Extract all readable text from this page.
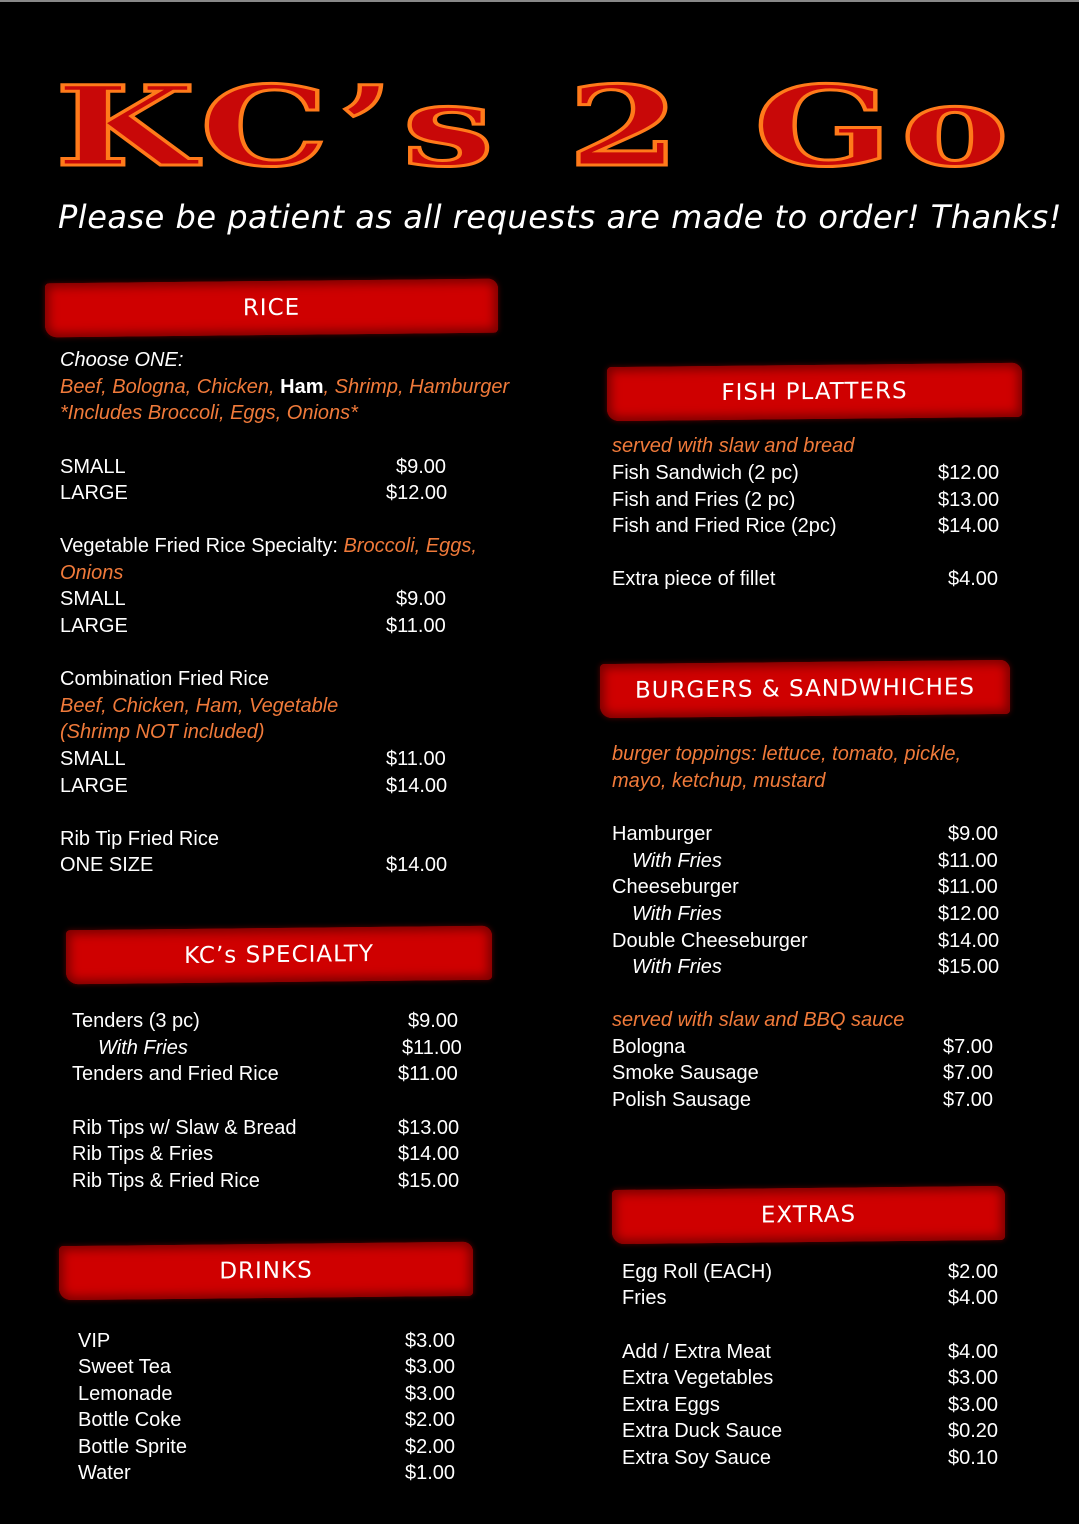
KC’s 2 Go
Please be patient as all requests are made to order! Thanks!
RICE
Choose ONE:
Beef, Bologna, Chicken, Ham, Shrimp, Hamburger
*Includes Broccoli, Eggs, Onions*
SMALL	$9.00
LARGE	$12.00
Vegetable Fried Rice Specialty: Broccoli, Eggs,
Onions
SMALL	$9.00
LARGE	$11.00
Combination Fried Rice
Beef, Chicken, Ham, Vegetable
(Shrimp NOT included)
SMALL	$11.00
LARGE	$14.00
Rib Tip Fried Rice
ONE SIZE	$14.00
KC’s SPECIALTY
Tenders (3 pc)	$9.00
With Fries	$11.00
Tenders and Fried Rice	$11.00
Rib Tips w/ Slaw & Bread	$13.00
Rib Tips & Fries	$14.00
Rib Tips & Fried Rice	$15.00
DRINKS
VIP	$3.00
Sweet Tea	$3.00
Lemonade	$3.00
Bottle Coke	$2.00
Bottle Sprite	$2.00
Water	$1.00
FISH PLATTERS
served with slaw and bread
Fish Sandwich (2 pc)	$12.00
Fish and Fries (2 pc)	$13.00
Fish and Fried Rice (2pc)	$14.00
Extra piece of fillet	$4.00
BURGERS & SANDWHICHES
burger toppings: lettuce, tomato, pickle,
mayo, ketchup, mustard
Hamburger	$9.00
With Fries	$11.00
Cheeseburger	$11.00
With Fries	$12.00
Double Cheeseburger	$14.00
With Fries	$15.00
served with slaw and BBQ sauce
Bologna	$7.00
Smoke Sausage	$7.00
Polish Sausage	$7.00
EXTRAS
Egg Roll (EACH)	$2.00
Fries	$4.00
Add / Extra Meat	$4.00
Extra Vegetables	$3.00
Extra Eggs	$3.00
Extra Duck Sauce	$0.20
Extra Soy Sauce	$0.10
